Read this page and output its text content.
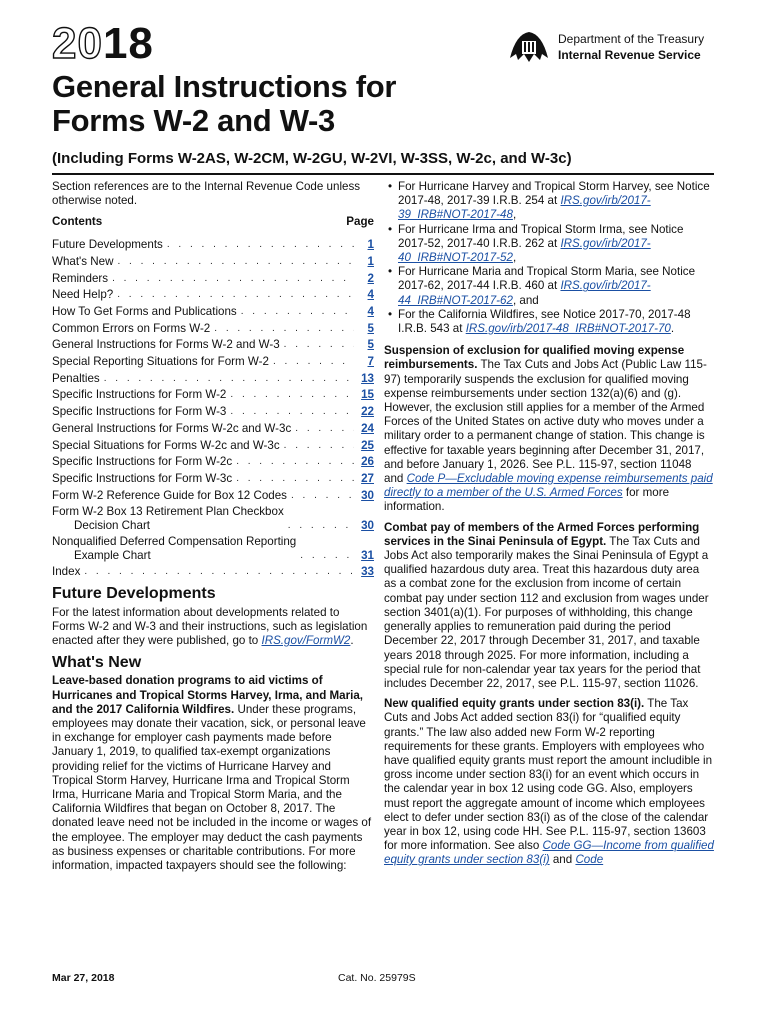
2018	Department of the Treasury
Internal Revenue Service
General Instructions for
Forms W-2 and W-3
(Including Forms W-2AS, W-2CM, W-2GU, W-2VI, W-3SS, W-2c, and W-3c)

Section references are to the Internal Revenue Code unless otherwise noted.

Contents	Page
Future Developments . . .	1
What's New . . .	1
Reminders . . .	2
Need Help? . . .	4
How To Get Forms and Publications . . .	4
Common Errors on Forms W-2 . . .	5
General Instructions for Forms W-2 and W-3 . . .	5
Special Reporting Situations for Form W-2 . . .	7
Penalties . . .	13
Specific Instructions for Form W-2 . . .	15
Specific Instructions for Form W-3 . . .	22
General Instructions for Forms W-2c and W-3c . . .	24
Special Situations for Forms W-2c and W-3c . . .	25
Specific Instructions for Form W-2c . . .	26
Specific Instructions for Form W-3c . . .	27
Form W-2 Reference Guide for Box 12 Codes . . .	30
Form W-2 Box 13 Retirement Plan Checkbox
Decision Chart . . .	30
Nonqualified Deferred Compensation Reporting
Example Chart . . .	31
Index . . .	33
Future Developments

For the latest information about developments related to Forms W-2 and W-3 and their instructions, such as legislation enacted after they were published, go to IRS.gov/FormW2.

What's New

Leave-based donation programs to aid victims of Hurricanes and Tropical Storms Harvey, Irma, and Maria, and the 2017 California Wildfires. Under these programs, employees may donate their vacation, sick, or personal leave in exchange for employer cash payments made before January 1, 2019, to qualified tax-exempt organizations providing relief for the victims of Hurricane Harvey and Tropical Storm Harvey, Hurricane Irma and Tropical Storm Irma, Hurricane Maria and Tropical Storm Maria, and the California Wildfires that began on October 8, 2017. The donated leave need not be included in the income or wages of the employee. The employer may deduct the cash payments as business expenses or charitable contributions. For more information, impacted taxpayers should see the following:

• For Hurricane Harvey and Tropical Storm Harvey, see Notice 2017-48, 2017-39 I.R.B. 254 at IRS.gov/irb/2017-39_IRB#NOT-2017-48,

• For Hurricane Irma and Tropical Storm Irma, see Notice 2017-52, 2017-40 I.R.B. 262 at IRS.gov/irb/2017-40_IRB#NOT-2017-52,

• For Hurricane Maria and Tropical Storm Maria, see Notice 2017-62, 2017-44 I.R.B. 460 at IRS.gov/irb/2017-44_IRB#NOT-2017-62, and

• For the California Wildfires, see Notice 2017-70, 2017-48 I.R.B. 543 at IRS.gov/irb/2017-48_IRB#NOT-2017-70.

Suspension of exclusion for qualified moving expense reimbursements. The Tax Cuts and Jobs Act (Public Law 115-97) temporarily suspends the exclusion for qualified moving expense reimbursements under section 132(a)(6) and (g). However, the exclusion still applies for a member of the Armed Forces of the United States on active duty who moves under a military order to a permanent change of station. This change is effective for taxable years beginning after December 31, 2017, and before January 1, 2026. See P.L. 115-97, section 11048 and Code P—Excludable moving expense reimbursements paid directly to a member of the U.S. Armed Forces for more information.

Combat pay of members of the Armed Forces performing services in the Sinai Peninsula of Egypt. The Tax Cuts and Jobs Act also temporarily makes the Sinai Peninsula of Egypt a qualified hazardous duty area. Treat this hazardous duty area as a combat zone for the exclusion from income of certain combat pay under section 112 and exclusion from wages under section 3401(a)(1). For purposes of withholding, this change generally applies to remuneration paid during the period December 22, 2017 through December 31, 2017, and taxable years 2018 through 2025. For more information, including a special rule for non-calendar year tax years for the period that includes December 22, 2017, see P.L. 115-97, section 11026.

New qualified equity grants under section 83(i). The Tax Cuts and Jobs Act added section 83(i) for “qualified equity grants.” The law also added new Form W-2 reporting requirements for these grants. Employers with employees who have qualified equity grants must report the amount includible in gross income under section 83(i) for an event which occurs in the calendar year in box 12 using code GG. Also, employers must report the aggregate amount of income which employees elect to defer under section 83(i) as of the close of the calendar year in box 12, using code HH. See P.L. 115-97, section 13603 for more information. See also Code GG—Income from qualified equity grants under section 83(i) and Code

Mar 27, 2018	Cat. No. 25979S
